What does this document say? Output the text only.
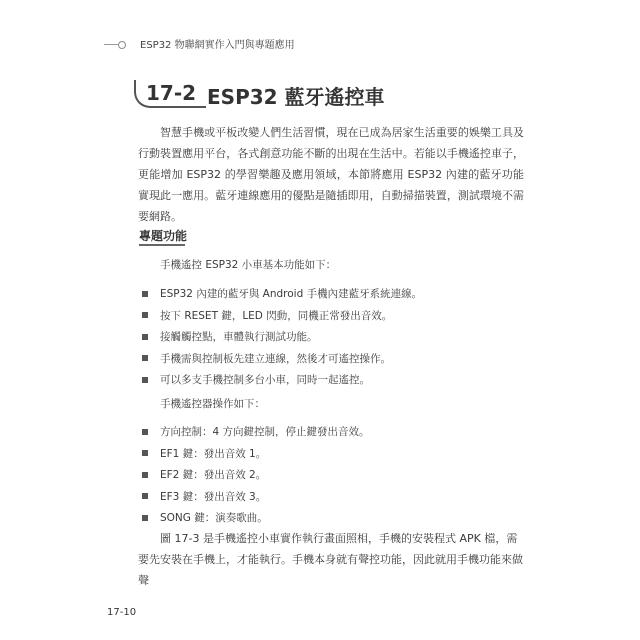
ESP32 物聯網實作入門與專題應用
17-2 ESP32 藍牙遙控車
智慧手機或平板改變人們生活習慣，現在已成為居家生活重要的娛樂工具及行動裝置應用平台，各式創意功能不斷的出現在生活中。若能以手機遙控車子，更能增加 ESP32 的學習樂趣及應用領域，本節將應用 ESP32 內建的藍牙功能實現此一應用。藍牙連線應用的優點是隨插即用，自動掃描裝置，測試環境不需要網路。
專題功能
手機遙控 ESP32 小車基本功能如下：
ESP32 內建的藍牙與 Android 手機內建藍牙系統連線。
按下 RESET 鍵，LED 閃動，同機正常發出音效。
接觸觸控點，車體執行測試功能。
手機需與控制板先建立連線，然後才可遙控操作。
可以多支手機控制多台小車，同時一起遙控。
手機遙控器操作如下：
方向控制：4 方向鍵控制，停止鍵發出音效。
EF1 鍵：發出音效 1。
EF2 鍵：發出音效 2。
EF3 鍵：發出音效 3。
SONG 鍵：演奏歌曲。
圖 17-3 是手機遙控小車實作執行畫面照相，手機的安裝程式 APK 檔，需要先安裝在手機上，才能執行。手機本身就有聲控功能，因此就用手機功能來做聲
17-10
